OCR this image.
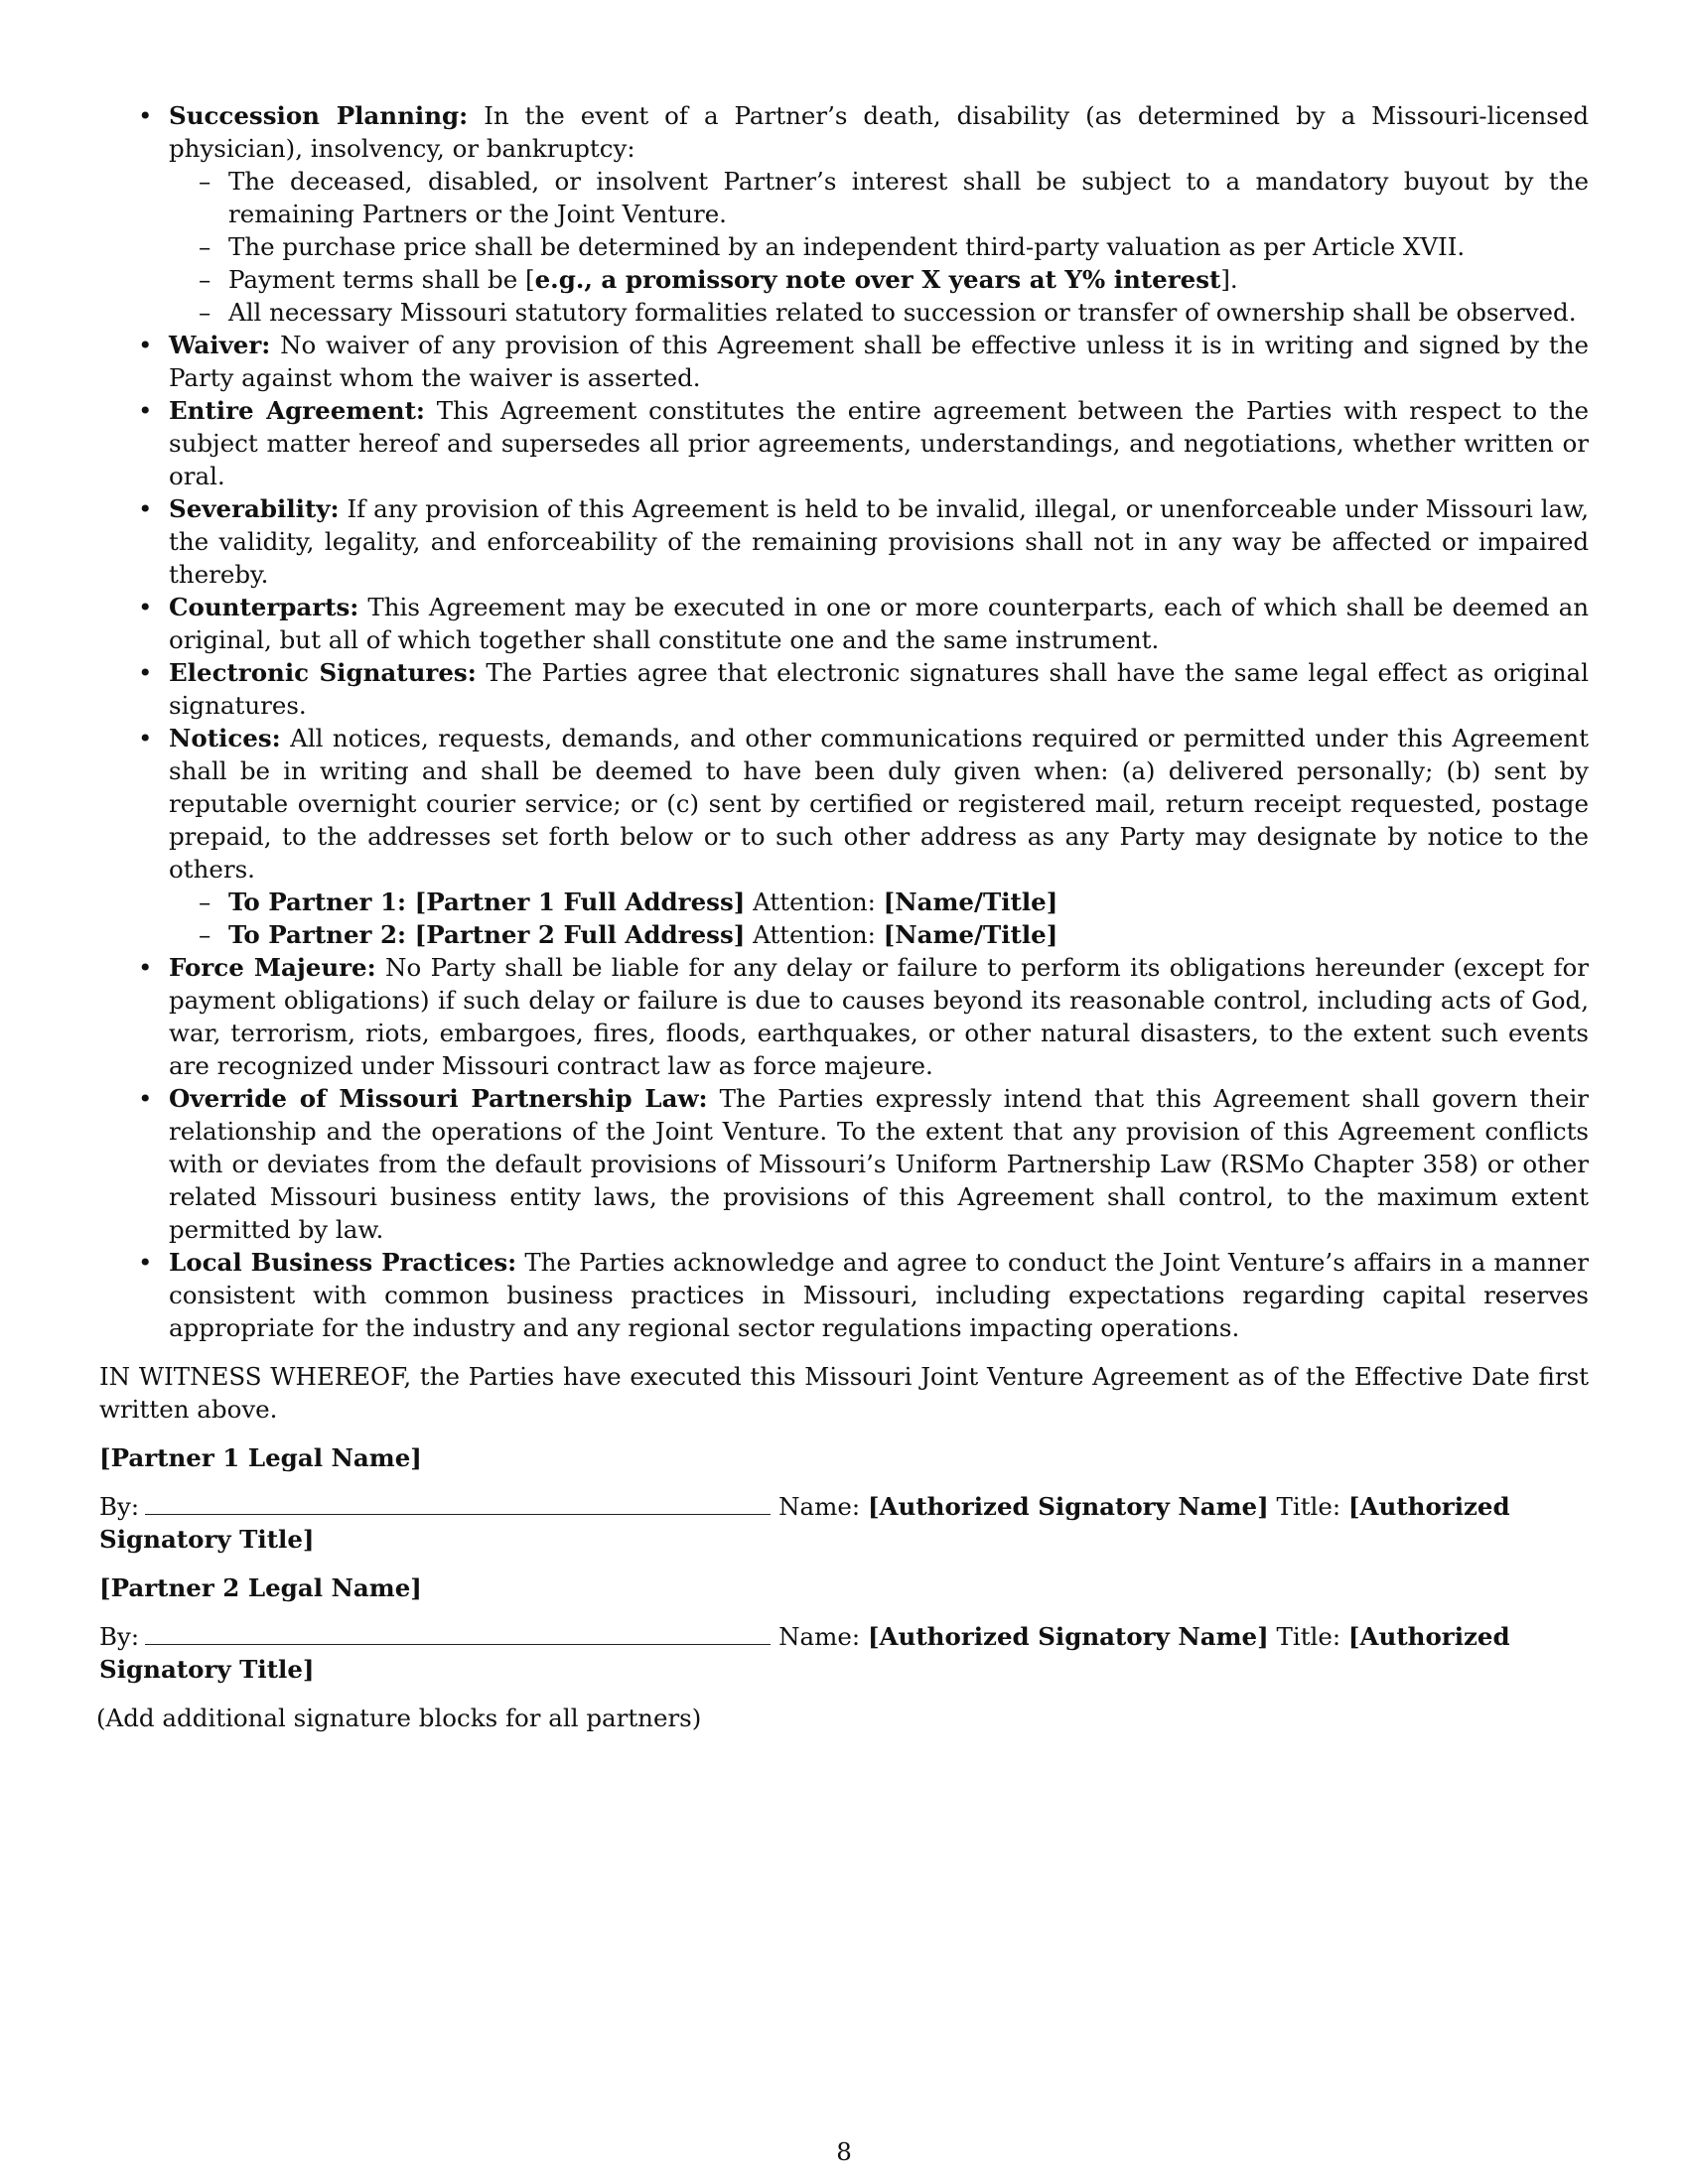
• Succession Planning: In the event of a Partner’s death, disability (as determined by a Missouri-licensed physician), insolvency, or bankruptcy:
– The deceased, disabled, or insolvent Partner’s interest shall be subject to a mandatory buyout by the remaining Partners or the Joint Venture.
– The purchase price shall be determined by an independent third-party valuation as per Article XVII.
– Payment terms shall be [e.g., a promissory note over X years at Y% interest].
– All necessary Missouri statutory formalities related to succession or transfer of ownership shall be observed.
• Waiver: No waiver of any provision of this Agreement shall be effective unless it is in writing and signed by the Party against whom the waiver is asserted.
• Entire Agreement: This Agreement constitutes the entire agreement between the Parties with respect to the subject matter hereof and supersedes all prior agreements, understandings, and negotiations, whether written or oral.
• Severability: If any provision of this Agreement is held to be invalid, illegal, or unenforceable under Missouri law, the validity, legality, and enforceability of the remaining provisions shall not in any way be affected or impaired thereby.
• Counterparts: This Agreement may be executed in one or more counterparts, each of which shall be deemed an original, but all of which together shall constitute one and the same instrument.
• Electronic Signatures: The Parties agree that electronic signatures shall have the same legal effect as original signatures.
• Notices: All notices, requests, demands, and other communications required or permitted under this Agreement shall be in writing and shall be deemed to have been duly given when: (a) delivered personally; (b) sent by reputable overnight courier service; or (c) sent by certified or registered mail, return receipt requested, postage prepaid, to the addresses set forth below or to such other address as any Party may designate by notice to the others.
– To Partner 1: [Partner 1 Full Address] Attention: [Name/Title]
– To Partner 2: [Partner 2 Full Address] Attention: [Name/Title]
• Force Majeure: No Party shall be liable for any delay or failure to perform its obligations hereunder (except for payment obligations) if such delay or failure is due to causes beyond its reasonable control, including acts of God, war, terrorism, riots, embargoes, fires, floods, earthquakes, or other natural disasters, to the extent such events are recognized under Missouri contract law as force majeure.
• Override of Missouri Partnership Law: The Parties expressly intend that this Agreement shall govern their relationship and the operations of the Joint Venture. To the extent that any provision of this Agreement conflicts with or deviates from the default provisions of Missouri’s Uniform Partnership Law (RSMo Chapter 358) or other related Missouri business entity laws, the provisions of this Agreement shall control, to the maximum extent permitted by law.
• Local Business Practices: The Parties acknowledge and agree to conduct the Joint Venture’s affairs in a manner consistent with common business practices in Missouri, including expectations regarding capital reserves appropriate for the industry and any regional sector regulations impacting operations.
IN WITNESS WHEREOF, the Parties have executed this Missouri Joint Venture Agreement as of the Effective Date first written above.
[Partner 1 Legal Name]
By:	Name: [Authorized Signatory Name] Title: [Authorized Signatory Title]
[Partner 2 Legal Name]
By:	Name: [Authorized Signatory Name] Title: [Authorized Signatory Title]
(Add additional signature blocks for all partners)
8
